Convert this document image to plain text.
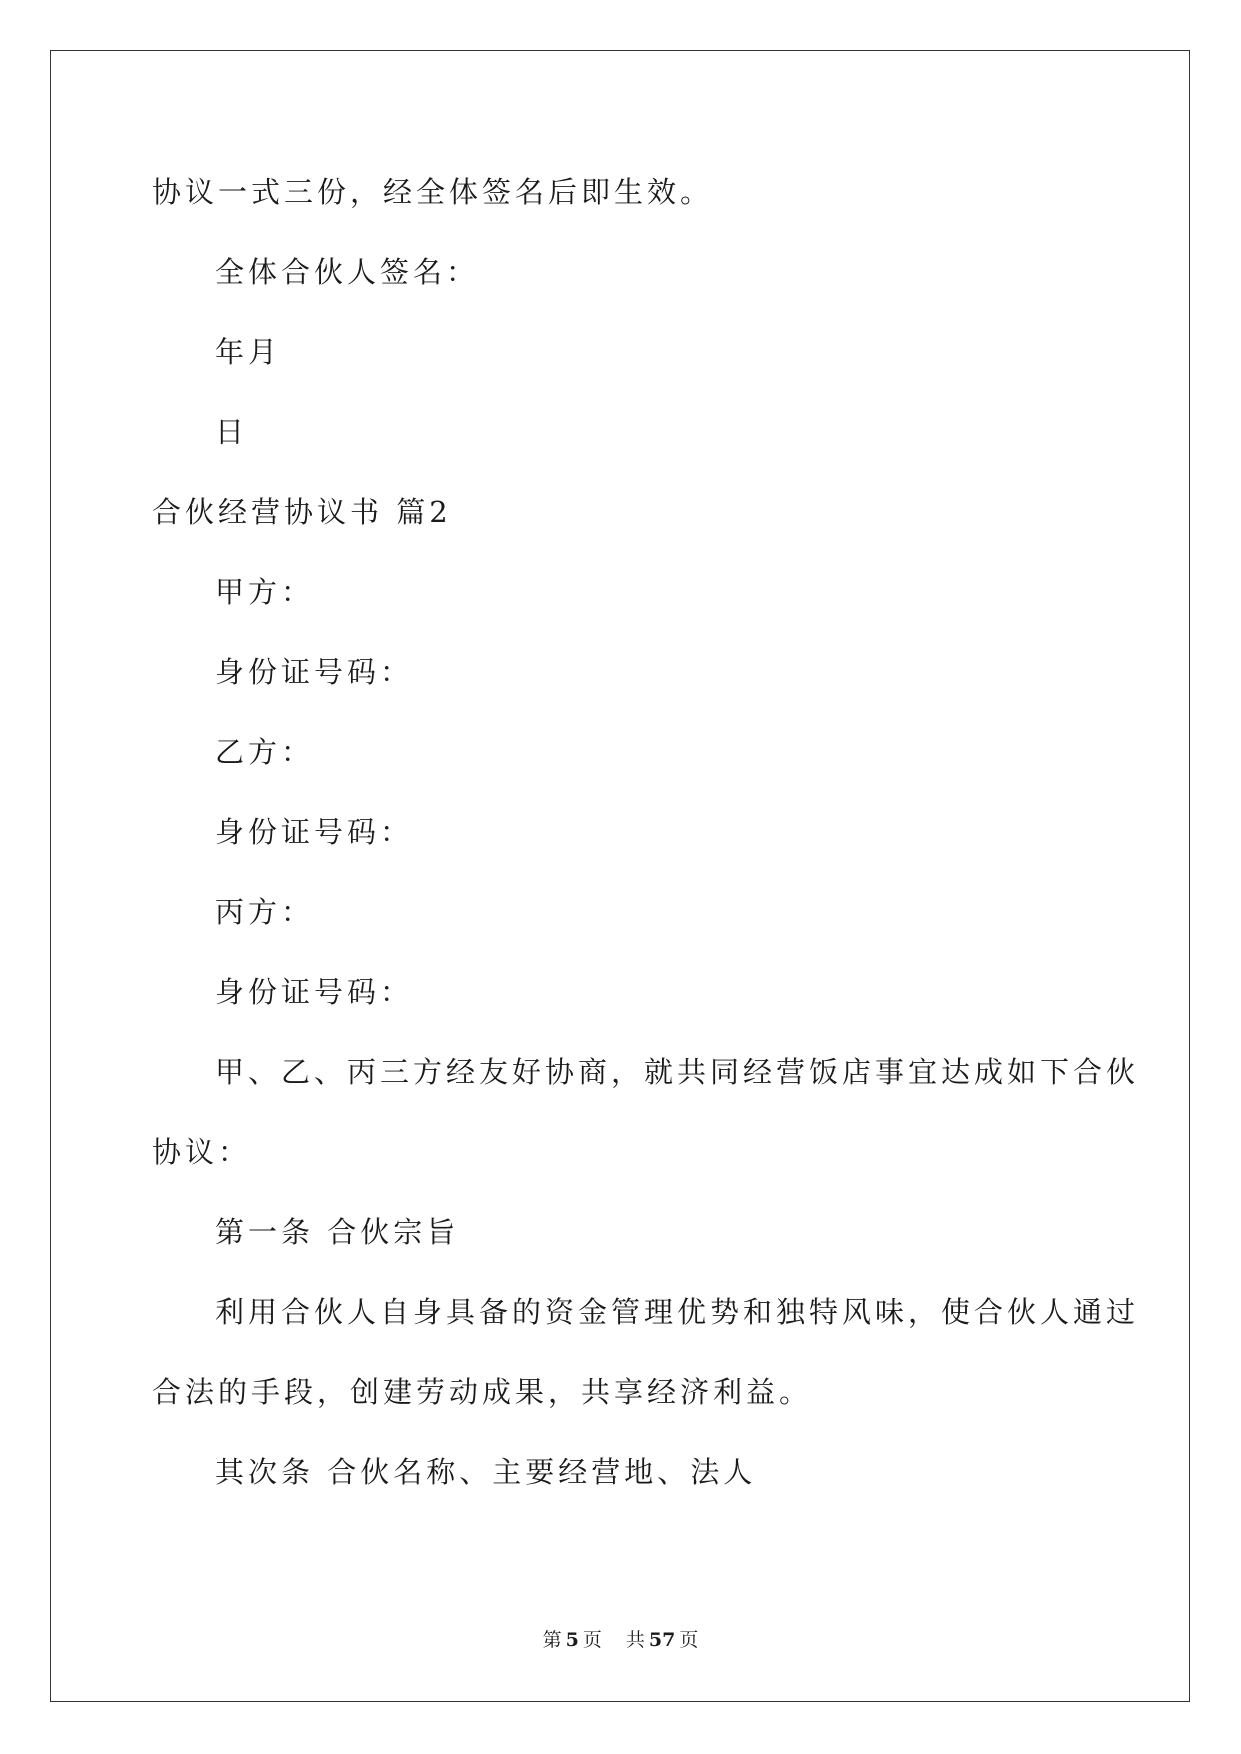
协议一式三份，经全体签名后即生效。
全体合伙人签名：
年月
日
合伙经营协议书 篇2
甲方：
身份证号码：
乙方：
身份证号码：
丙方：
身份证号码：
甲、乙、丙三方经友好协商，就共同经营饭店事宜达成如下合伙
协议：
第一条 合伙宗旨
利用合伙人自身具备的资金管理优势和独特风味，使合伙人通过
合法的手段，创建劳动成果，共享经济利益。
其次条 合伙名称、主要经营地、法人
第 5 页 共 57 页
